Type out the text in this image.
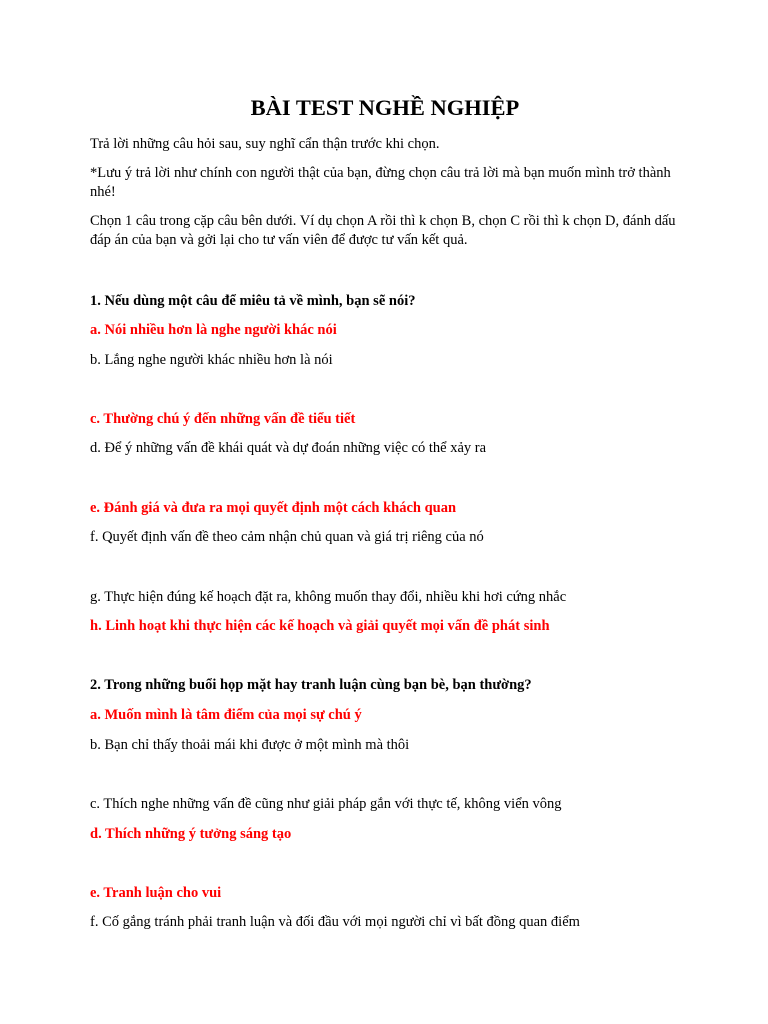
BÀI TEST NGHỀ NGHIỆP

Trả lời những câu hỏi sau, suy nghĩ cẩn thận trước khi chọn.

*Lưu ý trả lời như chính con người thật của bạn, đừng chọn câu trả lời mà bạn muốn mình trở thành nhé!

Chọn 1 câu trong cặp câu bên dưới. Ví dụ chọn A rồi thì k chọn B, chọn C rồi thì k chọn D, đánh dấu đáp án của bạn và gởi lại cho tư vấn viên để được tư vấn kết quả.

1. Nếu dùng một câu để miêu tả về mình, bạn sẽ nói?

a. Nói nhiều hơn là nghe người khác nói

b. Lắng nghe người khác nhiều hơn là nói

c. Thường chú ý đến những vấn đề tiểu tiết

d. Để ý những vấn đề khái quát và dự đoán những việc có thể xảy ra

e. Đánh giá và đưa ra mọi quyết định một cách khách quan

f. Quyết định vấn đề theo cảm nhận chủ quan và giá trị riêng của nó

g. Thực hiện đúng kế hoạch đặt ra, không muốn thay đổi, nhiều khi hơi cứng nhắc

h. Linh hoạt khi thực hiện các kế hoạch và giải quyết mọi vấn đề phát sinh

2. Trong những buổi họp mặt hay tranh luận cùng bạn bè, bạn thường?

a. Muốn mình là tâm điểm của mọi sự chú ý

b. Bạn chỉ thấy thoải mái khi được ở một mình mà thôi

c. Thích nghe những vấn đề cũng như giải pháp gắn với thực tế, không viển vông

d. Thích những ý tưởng sáng tạo

e. Tranh luận cho vui

f. Cố gắng tránh phải tranh luận và đối đầu với mọi người chỉ vì bất đồng quan điểm
